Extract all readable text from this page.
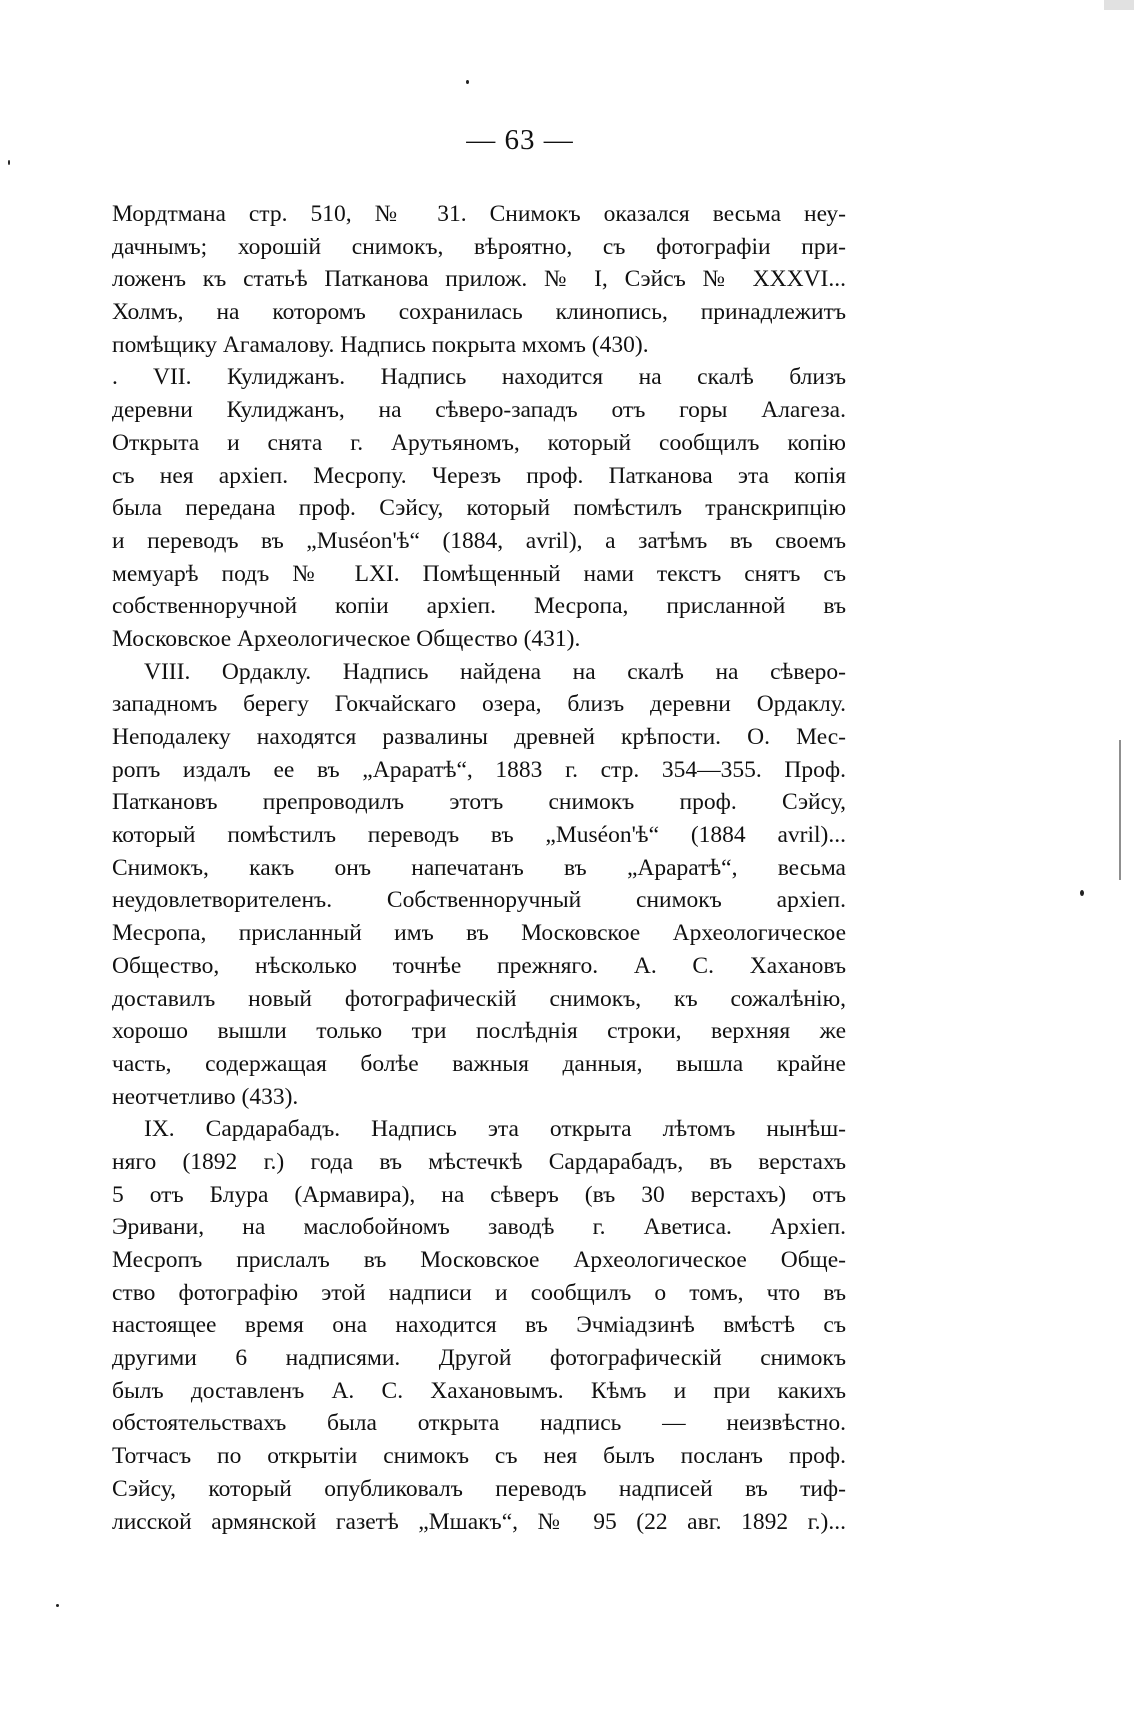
— 63 —
Мордтмана стр. 510, № 31. Снимокъ оказался весьма неу-
дачнымъ; хорошій снимокъ, вѣроятно, съ фотографіи при-
ложенъ къ статьѣ Патканова прилож. № I, Сэйсъ № XXXVI...
Холмъ, на которомъ сохранилась клинопись, принадлежитъ
помѣщику Агамалову. Надпись покрыта мхомъ (430).
. VII. Кулиджанъ. Надпись находится на скалѣ близъ
деревни Кулиджанъ, на сѣверо-западъ отъ горы Алагеза.
Открыта и снята г. Арутьяномъ, который сообщилъ копію
съ нея архіеп. Месропу. Черезъ проф. Патканова эта копія
была передана проф. Сэйсу, который помѣстилъ транскрипцію
и переводъ въ „Muséon'ѣ“ (1884, avril), а затѣмъ въ своемъ
мемуарѣ подъ № LXI. Помѣщенный нами текстъ снятъ съ
собственноручной копіи архіеп. Месропа, присланной въ
Московское Археологическое Общество (431).
VIII. Ордаклу. Надпись найдена на скалѣ на сѣверо-
западномъ берегу Гокчайскаго озера, близъ деревни Ордаклу.
Неподалеку находятся развалины древней крѣпости. О. Мес-
ропъ издалъ ее въ „Араратѣ“, 1883 г. стр. 354—355. Проф.
Паткановъ препроводилъ этотъ снимокъ проф. Сэйсу,
который помѣстилъ переводъ въ „Muséon'ѣ“ (1884 avril)...
Снимокъ, какъ онъ напечатанъ въ „Араратѣ“, весьма
неудовлетворителенъ. Собственноручный снимокъ архіеп.
Месропа, присланный имъ въ Московское Археологическое
Общество, нѣсколько точнѣе прежняго. А. С. Хахановъ
доставилъ новый фотографическій снимокъ, къ сожалѣнію,
хорошо вышли только три послѣднія строки, верхняя же
часть, содержащая болѣе важныя данныя, вышла крайне
неотчетливо (433).
IX. Сардарабадъ. Надпись эта открыта лѣтомъ нынѣш-
няго (1892 г.) года въ мѣстечкѣ Сардарабадъ, въ верстахъ
5 отъ Блура (Армавира), на сѣверъ (въ 30 верстахъ) отъ
Эривани, на маслобойномъ заводѣ г. Аветиса. Архіеп.
Месропъ прислалъ въ Московское Археологическое Обще-
ство фотографію этой надписи и сообщилъ о томъ, что въ
настоящее время она находится въ Эчміадзинѣ вмѣстѣ съ
другими 6 надписями. Другой фотографическій снимокъ
былъ доставленъ А. С. Хахановымъ. Кѣмъ и при какихъ
обстоятельствахъ была открыта надпись — неизвѣстно.
Тотчасъ по открытіи снимокъ съ нея былъ посланъ проф.
Сэйсу, который опубликовалъ переводъ надписей въ тиф-
лисской армянской газетѣ „Мшакъ“, № 95 (22 авг. 1892 г.)...
